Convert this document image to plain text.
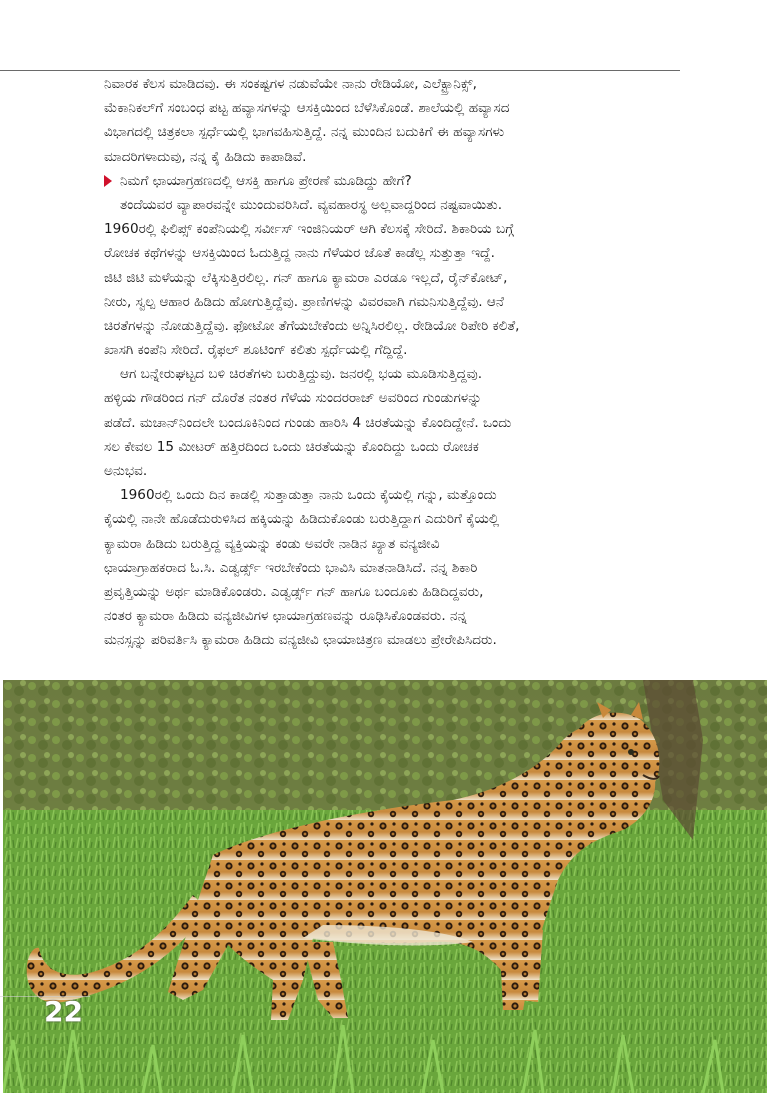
ನಿವಾರಕ ಕೆಲಸ ಮಾಡಿದವು. ಈ ಸಂಕಷ್ಟಗಳ ನಡುವೆಯೇ ನಾನು ರೇಡಿಯೋ, ಎಲೆಕ್ಟ್ರಾನಿಕ್ಸ್,
ಮೆಕಾನಿಕಲ್‌ಗೆ ಸಂಬಂಧ ಪಟ್ಟ ಹವ್ಯಾಸಗಳನ್ನು ಆಸಕ್ತಿಯಿಂದ ಬೆಳೆಸಿಕೊಂಡೆ. ಶಾಲೆಯಲ್ಲಿ ಹವ್ಯಾಸದ
ವಿಭಾಗದಲ್ಲಿ ಚಿತ್ರಕಲಾ ಸ್ಪರ್ಧೆಯಲ್ಲಿ ಭಾಗವಹಿಸುತ್ತಿದ್ದೆ. ನನ್ನ ಮುಂದಿನ ಬದುಕಿಗೆ ಈ ಹವ್ಯಾಸಗಳು
ಮಾದರಿಗಳಾದುವು, ನನ್ನ ಕೈ ಹಿಡಿದು ಕಾಪಾಡಿವೆ.
ನಿಮಗೆ ಛಾಯಾಗ್ರಹಣದಲ್ಲಿ ಆಸಕ್ತಿ ಹಾಗೂ ಪ್ರೇರಣೆ ಮೂಡಿದ್ದು ಹೇಗೆ?
ತಂದೆಯವರ ವ್ಯಾಪಾರವನ್ನೇ ಮುಂದುವರಿಸಿದೆ. ವ್ಯವಹಾರಸ್ಥ ಅಲ್ಲವಾದ್ದರಿಂದ ನಷ್ಟವಾಯಿತು.
1960ರಲ್ಲಿ ಫಿಲಿಪ್ಸ್ ಕಂಪೆನಿಯಲ್ಲಿ ಸರ್ವೀಸ್ ಇಂಜಿನಿಯರ್ ಆಗಿ ಕೆಲಸಕ್ಕೆ ಸೇರಿದೆ. ಶಿಕಾರಿಯ ಬಗ್ಗೆ
ರೋಚಕ ಕಥೆಗಳನ್ನು ಆಸಕ್ತಿಯಿಂದ ಓದುತ್ತಿದ್ದ ನಾನು ಗೆಳೆಯರ ಜೊತೆ ಕಾಡೆಲ್ಲ ಸುತ್ತುತ್ತಾ ಇದ್ದೆ.
ಜಿಟಿ ಜಿಟಿ ಮಳೆಯನ್ನು ಲೆಕ್ಕಿಸುತ್ತಿರಲಿಲ್ಲ. ಗನ್ ಹಾಗೂ ಕ್ಯಾಮರಾ ಎರಡೂ ಇಲ್ಲದೆ, ರೈನ್‌ಕೋಟ್,
ನೀರು, ಸ್ವಲ್ಪ ಆಹಾರ ಹಿಡಿದು ಹೋಗುತ್ತಿದ್ದೆವು. ಪ್ರಾಣಿಗಳನ್ನು ವಿವರವಾಗಿ ಗಮನಿಸುತ್ತಿದ್ದೆವು. ಆನೆ
ಚಿರತೆಗಳನ್ನು ನೋಡುತ್ತಿದ್ದೆವು. ಫೋಟೋ ತೆಗೆಯಬೇಕೆಂದು ಅನ್ನಿಸಿರಲಿಲ್ಲ. ರೇಡಿಯೋ ರಿಪೇರಿ ಕಲಿತೆ,
ಖಾಸಗಿ ಕಂಪೆನಿ ಸೇರಿದೆ. ರೈಫಲ್ ಶೂಟಿಂಗ್ ಕಲಿತು ಸ್ಪರ್ಧೆಯಲ್ಲಿ ಗೆದ್ದಿದ್ದೆ.
ಆಗ ಬನ್ನೇರುಘಟ್ಟದ ಬಳಿ ಚಿರತೆಗಳು ಬರುತ್ತಿದ್ದುವು. ಜನರಲ್ಲಿ ಭಯ ಮೂಡಿಸುತ್ತಿದ್ದವು.
ಹಳ್ಳಿಯ ಗೌಡರಿಂದ ಗನ್ ದೊರೆತ ನಂತರ ಗೆಳೆಯ ಸುಂದರರಾಜ್ ಅವರಿಂದ ಗುಂಡುಗಳನ್ನು
ಪಡೆದೆ. ಮಚಾನ್‌ನಿಂದಲೇ ಬಂದೂಕಿನಿಂದ ಗುಂಡು ಹಾರಿಸಿ 4 ಚಿರತೆಯನ್ನು ಕೊಂದಿದ್ದೇನೆ. ಒಂದು
ಸಲ ಕೇವಲ 15 ಮೀಟರ್ ಹತ್ತಿರದಿಂದ ಒಂದು ಚಿರತೆಯನ್ನು ಕೊಂದಿದ್ದು ಒಂದು ರೋಚಕ
ಅನುಭವ.
1960ರಲ್ಲಿ ಒಂದು ದಿನ ಕಾಡಲ್ಲಿ ಸುತ್ತಾಡುತ್ತಾ ನಾನು ಒಂದು ಕೈಯಲ್ಲಿ ಗನ್ನು, ಮತ್ತೊಂದು
ಕೈಯಲ್ಲಿ ನಾನೇ ಹೊಡೆದುರುಳಿಸಿದ ಹಕ್ಕಿಯನ್ನು ಹಿಡಿದುಕೊಂಡು ಬರುತ್ತಿದ್ದಾಗ ಎದುರಿಗೆ ಕೈಯಲ್ಲಿ
ಕ್ಯಾಮರಾ ಹಿಡಿದು ಬರುತ್ತಿದ್ದ ವ್ಯಕ್ತಿಯನ್ನು ಕಂಡು ಅವರೇ ನಾಡಿನ ಖ್ಯಾತ ವನ್ಯಜೀವಿ
ಛಾಯಾಗ್ರಾಹಕರಾದ ಓ.ಸಿ. ಎಡ್ವರ್ಡ್ಸ್ ಇರಬೇಕೆಂದು ಭಾವಿಸಿ ಮಾತನಾಡಿಸಿದೆ. ನನ್ನ ಶಿಕಾರಿ
ಪ್ರವೃತ್ತಿಯನ್ನು ಅರ್ಥ ಮಾಡಿಕೊಂಡರು. ಎಡ್ವರ್ಡ್ಸ್ ಗನ್ ಹಾಗೂ ಬಂದೂಕು ಹಿಡಿದಿದ್ದವರು,
ನಂತರ ಕ್ಯಾಮರಾ ಹಿಡಿದು ವನ್ಯಜೀವಿಗಳ ಛಾಯಾಗ್ರಹಣವನ್ನು ರೂಢಿಸಿಕೊಂಡವರು. ನನ್ನ
ಮನಸ್ಸನ್ನು ಪರಿವರ್ತಿಸಿ ಕ್ಯಾಮರಾ ಹಿಡಿದು ವನ್ಯಜೀವಿ ಛಾಯಾಚಿತ್ರಣ ಮಾಡಲು ಪ್ರೇರೇಪಿಸಿದರು.
22
